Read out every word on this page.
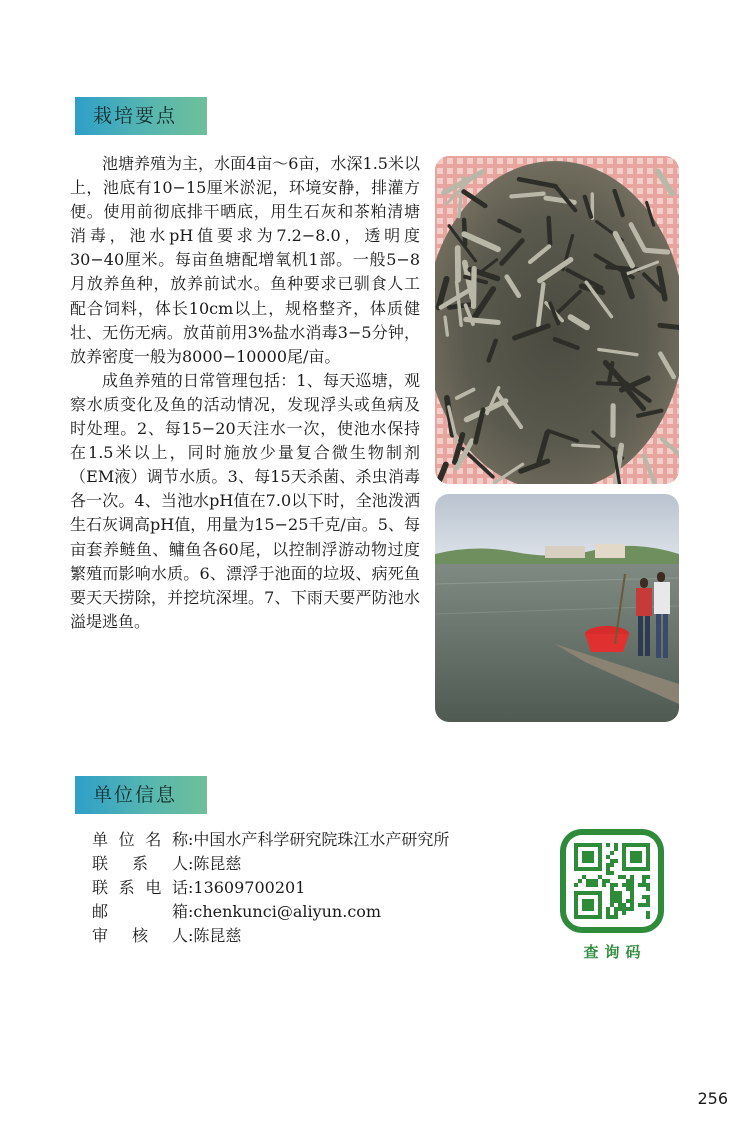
栽培要点

池塘养殖为主，水面4亩～6亩，水深1.5米以上，池底有10−15厘米淤泥，环境安静，排灌方便。使用前彻底排干晒底，用生石灰和茶粕清塘消毒，池水pH值要求为7.2−8.0，透明度30−40厘米。每亩鱼塘配增氧机1部。一般5−8月放养鱼种，放养前试水。鱼种要求已驯食人工配合饲料，体长10cm以上，规格整齐，体质健壮、无伤无病。放苗前用3%盐水消毒3−5分钟，放养密度一般为8000−10000尾/亩。

成鱼养殖的日常管理包括：1、每天巡塘，观察水质变化及鱼的活动情况，发现浮头或鱼病及时处理。2、每15−20天注水一次，使池水保持在1.5米以上，同时施放少量复合微生物制剂（EM液）调节水质。3、每15天杀菌、杀虫消毒各一次。4、当池水pH值在7.0以下时，全池泼洒生石灰调高pH值，用量为15−25千克/亩。5、每亩套养鲢鱼、鳙鱼各60尾，以控制浮游动物过度繁殖而影响水质。6、漂浮于池面的垃圾、病死鱼要天天捞除，并挖坑深埋。7、下雨天要严防池水溢堤逃鱼。

单位信息
单位名称 : 中国水产科学研究院珠江水产研究所
联系人 : 陈昆慈
联系电话 : 13609700201
邮箱 : chenkunci@aliyun.com
审核人 : 陈昆慈
查询码
256
